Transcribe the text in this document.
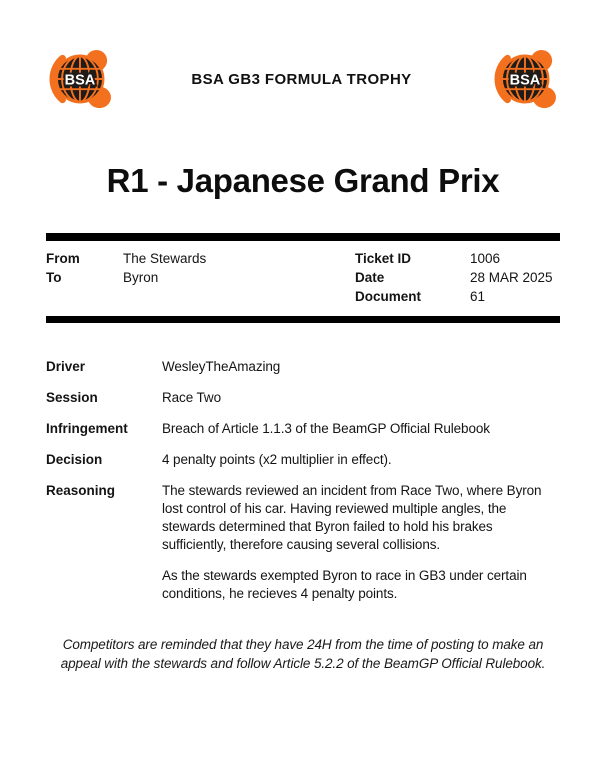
BSA	BSA GB3 FORMULA TROPHY	BSA
R1 - Japanese Grand Prix
From	The Stewards
To	Byron
Ticket ID	1006
Date	28 MAR 2025
Document	61
Driver	WesleyTheAmazing
Session	Race Two
Infringement	Breach of Article 1.1.3 of the BeamGP Official Rulebook
Decision	4 penalty points (x2 multiplier in effect).
Reasoning	The stewards reviewed an incident from Race Two, where Byron lost control of his car. Having reviewed multiple angles, the stewards determined that Byron failed to hold his brakes sufficiently, therefore causing several collisions.

As the stewards exempted Byron to race in GB3 under certain conditions, he recieves 4 penalty points.

Competitors are reminded that they have 24H from the time of posting to make an appeal with the stewards and follow Article 5.2.2 of the BeamGP Official Rulebook.
